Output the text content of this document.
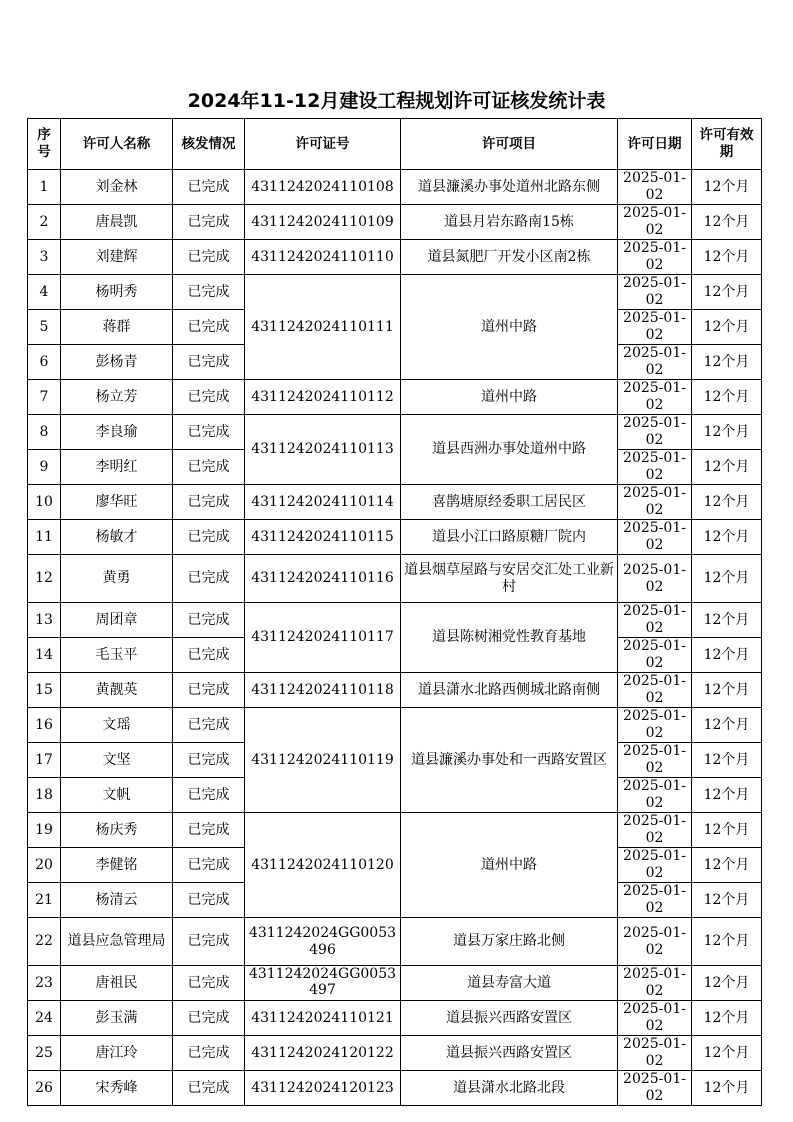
2024年11-12月建设工程规划许可证核发统计表
序号	许可人名称	核发情况	许可证号	许可项目	许可日期	许可有效期
1	刘金林	已完成	4311242024110108	道县濂溪办事处道州北路东侧	2025-01-02	12个月
2	唐晨凯	已完成	4311242024110109	道县月岩东路南15栋	2025-01-02	12个月
3	刘建辉	已完成	4311242024110110	道县氮肥厂开发小区南2栋	2025-01-02	12个月
4	杨明秀	已完成	4311242024110111	道州中路	2025-01-02	12个月
5	蒋群	已完成			2025-01-02	12个月
6	彭杨青	已完成			2025-01-02	12个月
7	杨立芳	已完成	4311242024110112	道州中路	2025-01-02	12个月
8	李良瑜	已完成	4311242024110113	道县西洲办事处道州中路	2025-01-02	12个月
9	李明红	已完成			2025-01-02	12个月
10	廖华旺	已完成	4311242024110114	喜鹊塘原经委职工居民区	2025-01-02	12个月
11	杨敏才	已完成	4311242024110115	道县小江口路原糖厂院内	2025-01-02	12个月
12	黄勇	已完成	4311242024110116	道县烟草屋路与安居交汇处工业新村	2025-01-02	12个月
13	周团章	已完成	4311242024110117	道县陈树湘党性教育基地	2025-01-02	12个月
14	毛玉平	已完成			2025-01-02	12个月
15	黄靓英	已完成	4311242024110118	道县潇水北路西侧城北路南侧	2025-01-02	12个月
16	文瑶	已完成	4311242024110119	道县濂溪办事处和一西路安置区	2025-01-02	12个月
17	文坚	已完成			2025-01-02	12个月
18	文帆	已完成			2025-01-02	12个月
19	杨庆秀	已完成	4311242024110120	道州中路	2025-01-02	12个月
20	李健铭	已完成			2025-01-02	12个月
21	杨清云	已完成			2025-01-02	12个月
22	道县应急管理局	已完成	4311242024GG0053496	道县万家庄路北侧	2025-01-02	12个月
23	唐祖民	已完成	4311242024GG0053497	道县寿富大道	2025-01-02	12个月
24	彭玉满	已完成	4311242024110121	道县振兴西路安置区	2025-01-02	12个月
25	唐江玲	已完成	4311242024120122	道县振兴西路安置区	2025-01-02	12个月
26	宋秀峰	已完成	4311242024120123	道县潇水北路北段	2025-01-02	12个月
